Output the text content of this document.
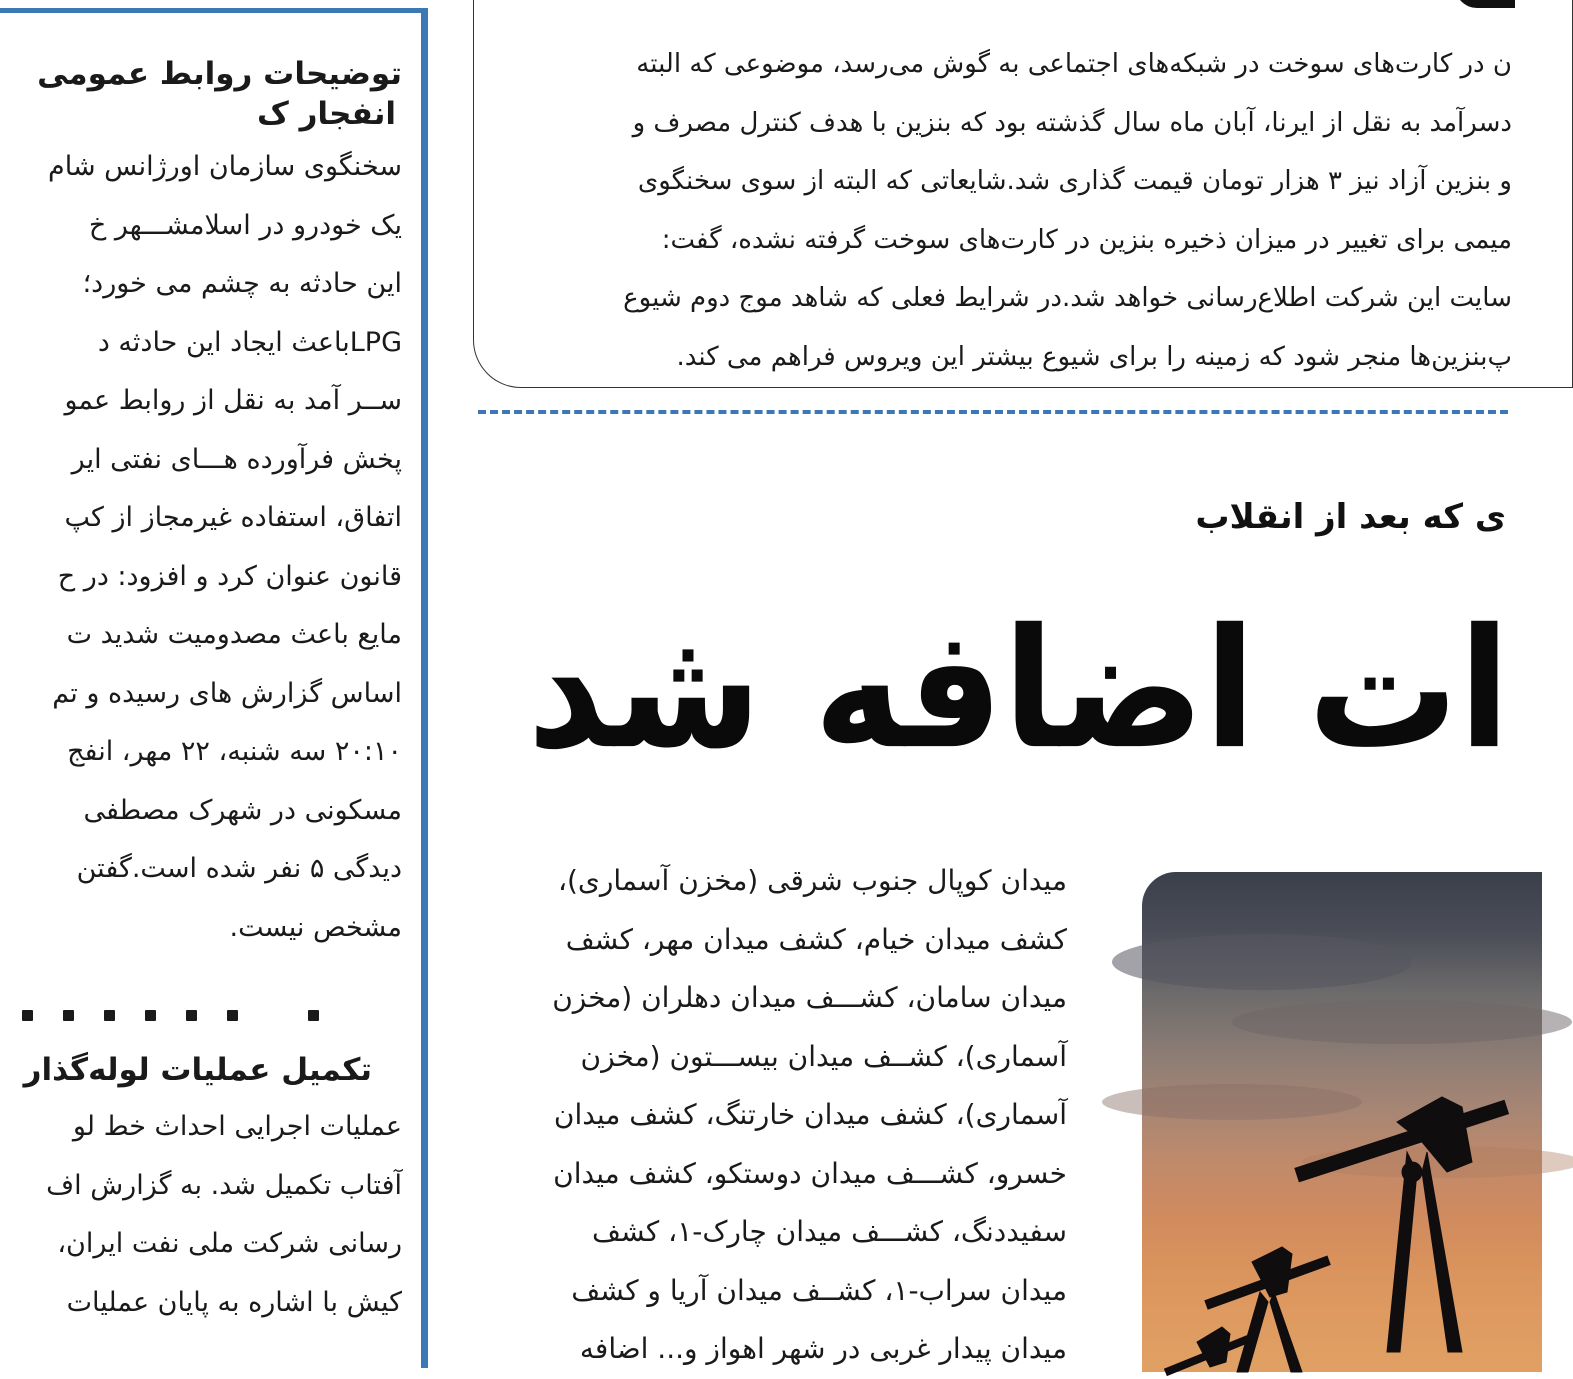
توضیحات روابط عمومی
انفجار ک
سخنگوی سازمان اورژانس شام
یک خودرو در اسلامشـــهر خ
این حادثه به چشم می خورد؛
LPGباعث ایجاد این حادثه د
ســر آمد به نقل از روابط عمو
پخش فرآورده هـــای نفتی ایر
اتفاق، استفاده غیرمجاز از کپ
قانون عنوان کرد و افزود: در ح
مایع باعث مصدومیت شدید ت
اساس گزارش های رسیده و تم
۲۰:۱۰ سه شنبه، ۲۲ مهر، انفج
مسکونی در شهرک مصطفی
دیدگی ۵ نفر شده است.گفتن
مشخص نیست.
تکمیل عملیات لوله‌گذار
عملیات اجرایی احداث خط لو
آفتاب تکمیل شد. به گزارش اف
رسانی شرکت ملی نفت ایران،
کیش با اشاره به پایان عملیات
ن در کارت‌های سوخت در شبکه‌های اجتماعی به گوش می‌رسد، موضوعی که البته
دسرآمد به نقل از ایرنا، آبان ماه سال گذشته بود که بنزین با هدف کنترل مصرف و
و بنزین آزاد نیز ۳ هزار تومان قیمت گذاری شد.شایعاتی که البته از سوی سخنگوی
میمی برای تغییر در میزان ذخیره بنزین در کارت‌های سوخت گرفته نشده، گفت:
سایت این شرکت اطلاع‌رسانی خواهد شد.در شرایط فعلی که شاهد موج دوم شیوع
پ‌بنزین‌ها منجر شود که زمینه را برای شیوع بیشتر این ویروس فراهم می کند.
ی که بعد از انقلاب
ات اضافه شد
میدان کوپال جنوب شرقی (مخزن آسماری)،
کشف میدان خیام، کشف میدان مهر، کشف
میدان سامان، کشـــف میدان دهلران (مخزن
آسماری)، کشــف میدان بیســـتون (مخزن
آسماری)، کشف میدان خارتنگ، کشف میدان
خسرو، کشـــف میدان دوستکو، کشف میدان
سفیددنگ، کشـــف میدان چارک-۱، کشف
میدان سراب-۱، کشــف میدان آریا و کشف
میدان پیدار غربی در شهر اهواز و... اضافه
